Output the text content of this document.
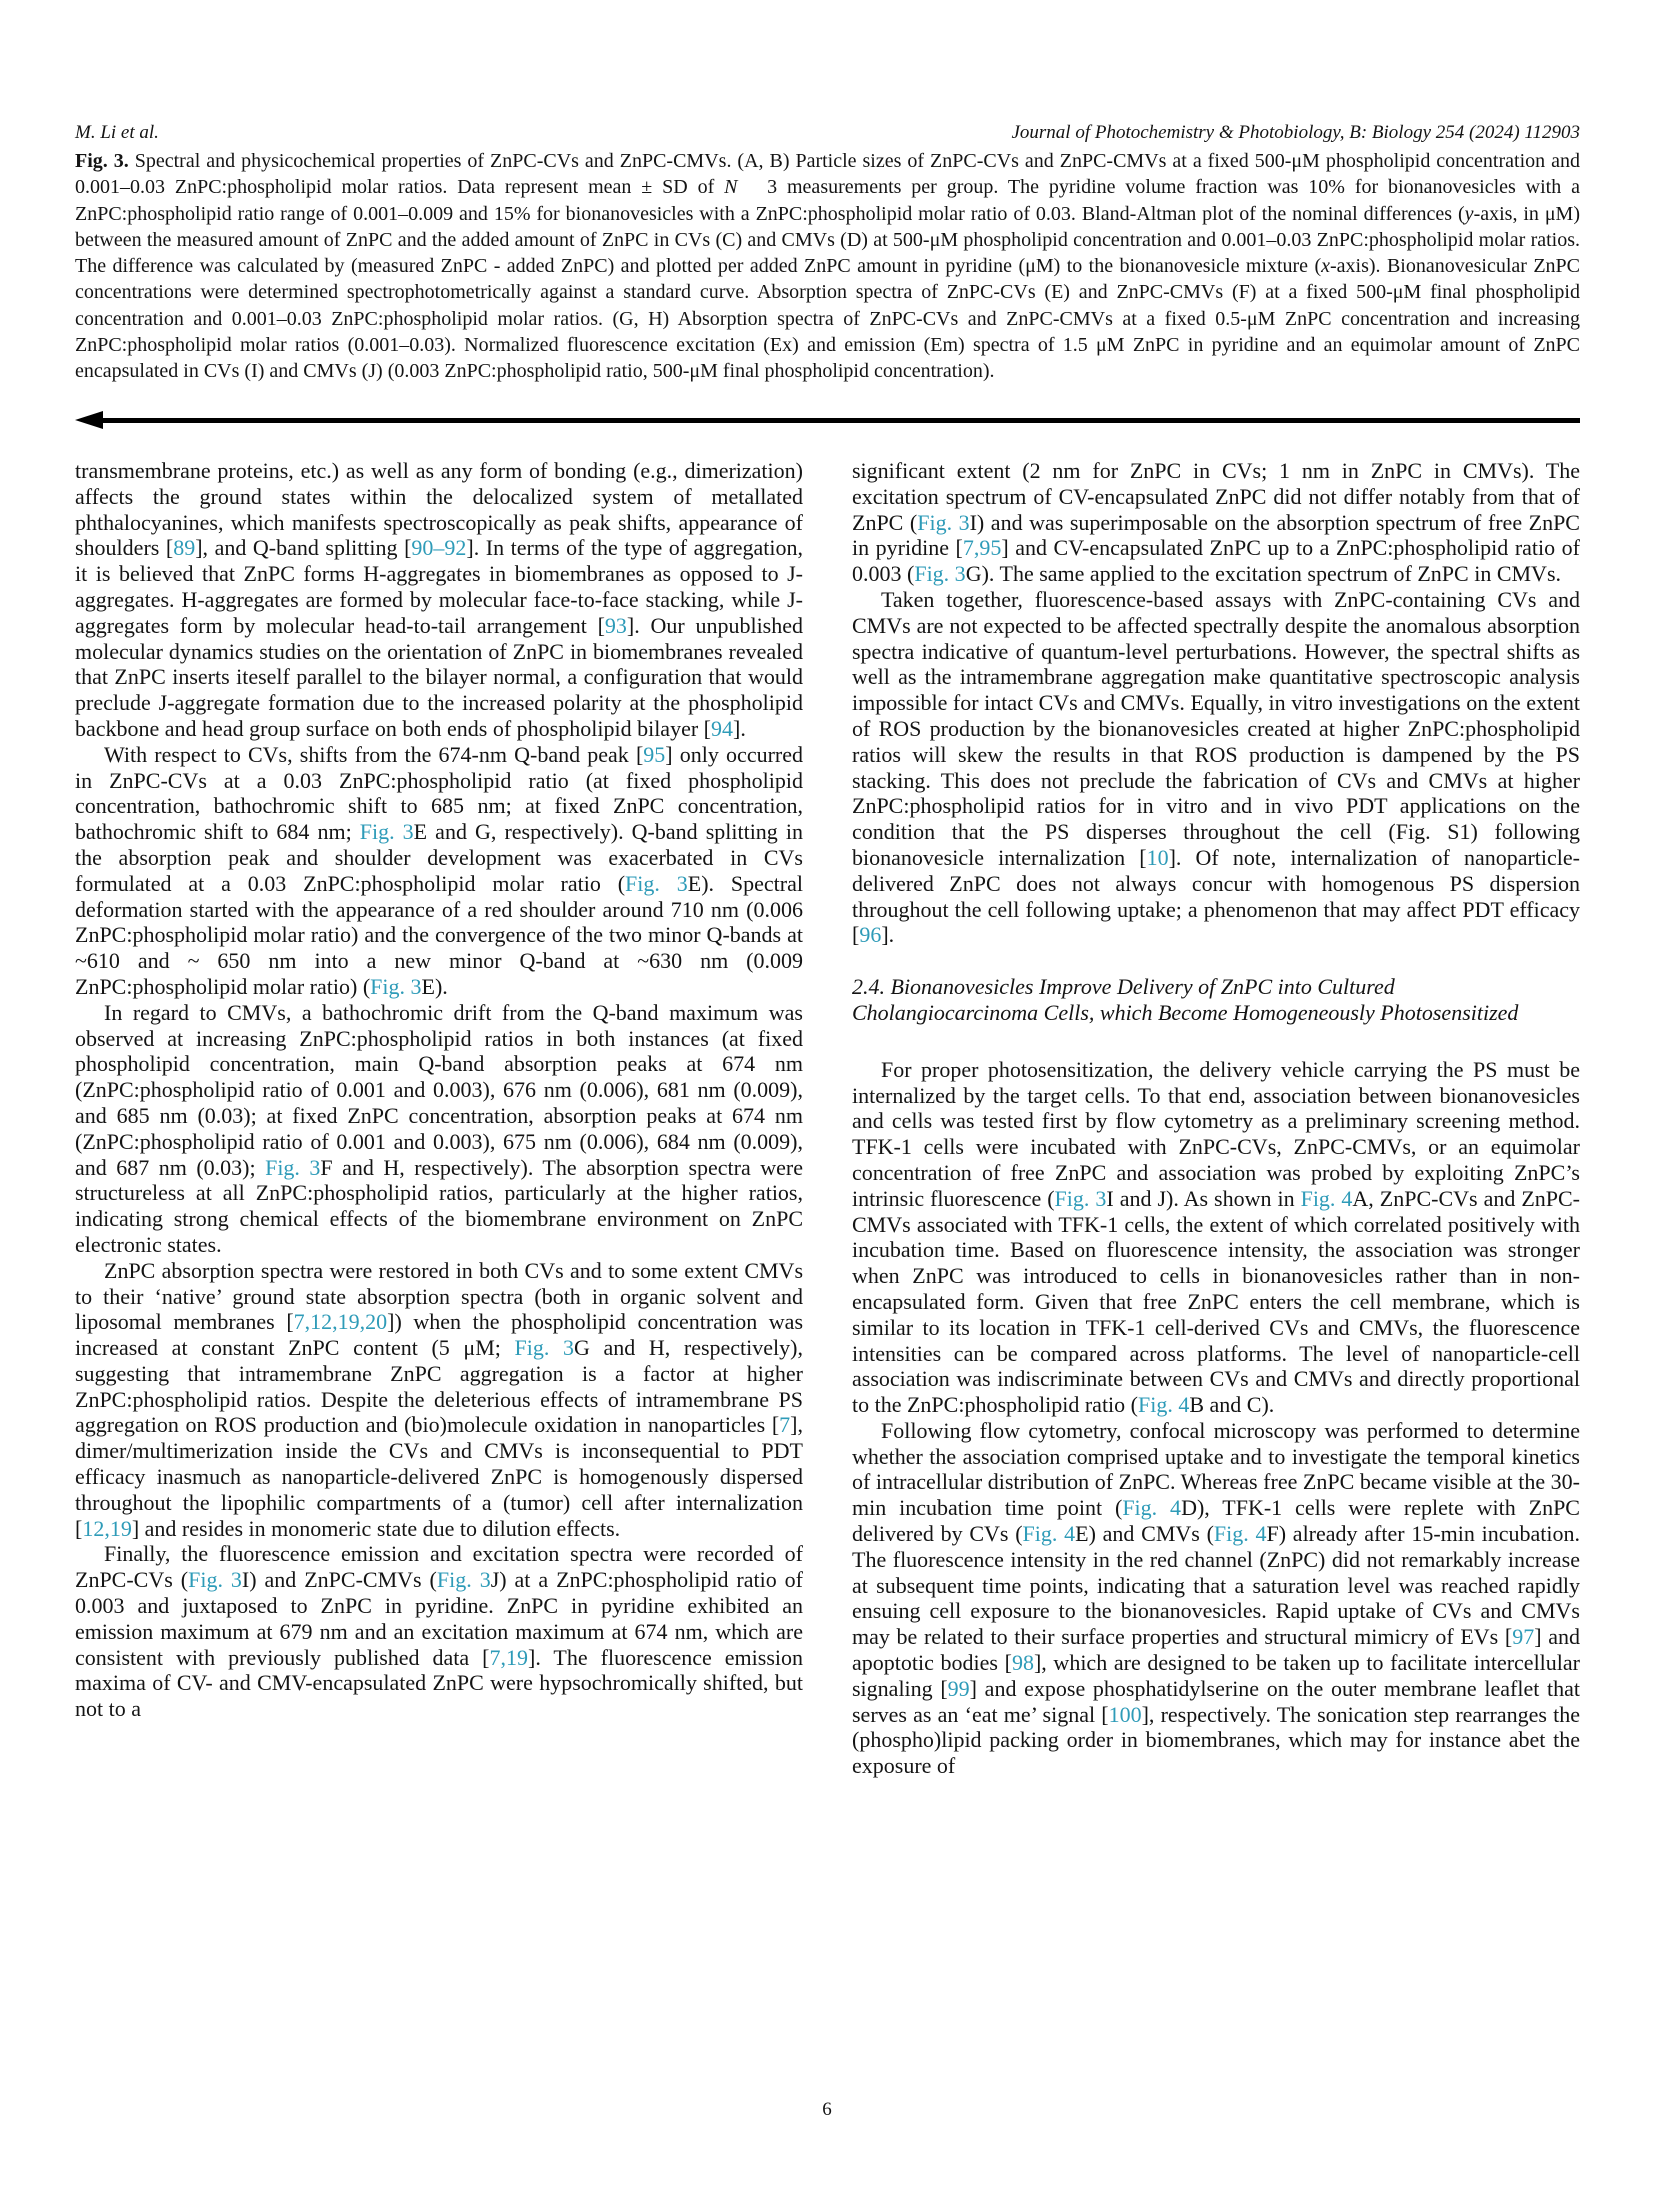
M. Li et al.	Journal of Photochemistry & Photobiology, B: Biology 254 (2024) 112903
Fig. 3. Spectral and physicochemical properties of ZnPC-CVs and ZnPC-CMVs. (A, B) Particle sizes of ZnPC-CVs and ZnPC-CMVs at a fixed 500-μM phospholipid concentration and 0.001–0.03 ZnPC:phospholipid molar ratios. Data represent mean ± SD of N   3 measurements per group. The pyridine volume fraction was 10% for bionanovesicles with a ZnPC:phospholipid ratio range of 0.001–0.009 and 15% for bionanovesicles with a ZnPC:phospholipid molar ratio of 0.03. Bland-Altman plot of the nominal differences (y-axis, in μM) between the measured amount of ZnPC and the added amount of ZnPC in CVs (C) and CMVs (D) at 500-μM phospholipid concentration and 0.001–0.03 ZnPC:phospholipid molar ratios. The difference was calculated by (measured ZnPC - added ZnPC) and plotted per added ZnPC amount in pyridine (μM) to the bionanovesicle mixture (x-axis). Bionanovesicular ZnPC concentrations were determined spectrophotometrically against a standard curve. Absorption spectra of ZnPC-CVs (E) and ZnPC-CMVs (F) at a fixed 500-μM final phospholipid concentration and 0.001–0.03 ZnPC:phospholipid molar ratios. (G, H) Absorption spectra of ZnPC-CVs and ZnPC-CMVs at a fixed 0.5-μM ZnPC concentration and increasing ZnPC:phospholipid molar ratios (0.001–0.03). Normalized fluorescence excitation (Ex) and emission (Em) spectra of 1.5 μM ZnPC in pyridine and an equimolar amount of ZnPC encapsulated in CVs (I) and CMVs (J) (0.003 ZnPC:phospholipid ratio, 500-μM final phospholipid concentration).

transmembrane proteins, etc.) as well as any form of bonding (e.g., dimerization) affects the ground states within the delocalized system of metallated phthalocyanines, which manifests spectroscopically as peak shifts, appearance of shoulders [89], and Q-band splitting [90–92]. In terms of the type of aggregation, it is believed that ZnPC forms H-aggregates in biomembranes as opposed to J-aggregates. H-aggregates are formed by molecular face-to-face stacking, while J-aggregates form by molecular head-to-tail arrangement [93]. Our unpublished molecular dynamics studies on the orientation of ZnPC in biomembranes revealed that ZnPC inserts iteself parallel to the bilayer normal, a configuration that would preclude J-aggregate formation due to the increased polarity at the phospholipid backbone and head group surface on both ends of phospholipid bilayer [94].

With respect to CVs, shifts from the 674-nm Q-band peak [95] only occurred in ZnPC-CVs at a 0.03 ZnPC:phospholipid ratio (at fixed phospholipid concentration, bathochromic shift to 685 nm; at fixed ZnPC concentration, bathochromic shift to 684 nm; Fig. 3E and G, respectively). Q-band splitting in the absorption peak and shoulder development was exacerbated in CVs formulated at a 0.03 ZnPC:phospholipid molar ratio (Fig. 3E). Spectral deformation started with the appearance of a red shoulder around 710 nm (0.006 ZnPC:phospholipid molar ratio) and the convergence of the two minor Q-bands at ~610 and ~ 650 nm into a new minor Q-band at ~630 nm (0.009 ZnPC:phospholipid molar ratio) (Fig. 3E).

In regard to CMVs, a bathochromic drift from the Q-band maximum was observed at increasing ZnPC:phospholipid ratios in both instances (at fixed phospholipid concentration, main Q-band absorption peaks at 674 nm (ZnPC:phospholipid ratio of 0.001 and 0.003), 676 nm (0.006), 681 nm (0.009), and 685 nm (0.03); at fixed ZnPC concentration, absorption peaks at 674 nm (ZnPC:phospholipid ratio of 0.001 and 0.003), 675 nm (0.006), 684 nm (0.009), and 687 nm (0.03); Fig. 3F and H, respectively). The absorption spectra were structureless at all ZnPC:phospholipid ratios, particularly at the higher ratios, indicating strong chemical effects of the biomembrane environment on ZnPC electronic states.

ZnPC absorption spectra were restored in both CVs and to some extent CMVs to their ‘native’ ground state absorption spectra (both in organic solvent and liposomal membranes [7,12,19,20]) when the phospholipid concentration was increased at constant ZnPC content (5 μM; Fig. 3G and H, respectively), suggesting that intramembrane ZnPC aggregation is a factor at higher ZnPC:phospholipid ratios. Despite the deleterious effects of intramembrane PS aggregation on ROS production and (bio)molecule oxidation in nanoparticles [7], dimer/multimerization inside the CVs and CMVs is inconsequential to PDT efficacy inasmuch as nanoparticle-delivered ZnPC is homogenously dispersed throughout the lipophilic compartments of a (tumor) cell after internalization [12,19] and resides in monomeric state due to dilution effects.

Finally, the fluorescence emission and excitation spectra were recorded of ZnPC-CVs (Fig. 3I) and ZnPC-CMVs (Fig. 3J) at a ZnPC:phospholipid ratio of 0.003 and juxtaposed to ZnPC in pyridine. ZnPC in pyridine exhibited an emission maximum at 679 nm and an excitation maximum at 674 nm, which are consistent with previously published data [7,19]. The fluorescence emission maxima of CV- and CMV-encapsulated ZnPC were hypsochromically shifted, but not to a

significant extent (2 nm for ZnPC in CVs; 1 nm in ZnPC in CMVs). The excitation spectrum of CV-encapsulated ZnPC did not differ notably from that of ZnPC (Fig. 3I) and was superimposable on the absorption spectrum of free ZnPC in pyridine [7,95] and CV-encapsulated ZnPC up to a ZnPC:phospholipid ratio of 0.003 (Fig. 3G). The same applied to the excitation spectrum of ZnPC in CMVs.

Taken together, fluorescence-based assays with ZnPC-containing CVs and CMVs are not expected to be affected spectrally despite the anomalous absorption spectra indicative of quantum-level perturbations. However, the spectral shifts as well as the intramembrane aggregation make quantitative spectroscopic analysis impossible for intact CVs and CMVs. Equally, in vitro investigations on the extent of ROS production by the bionanovesicles created at higher ZnPC:phospholipid ratios will skew the results in that ROS production is dampened by the PS stacking. This does not preclude the fabrication of CVs and CMVs at higher ZnPC:phospholipid ratios for in vitro and in vivo PDT applications on the condition that the PS disperses throughout the cell (Fig. S1) following bionanovesicle internalization [10]. Of note, internalization of nanoparticle-delivered ZnPC does not always concur with homogenous PS dispersion throughout the cell following uptake; a phenomenon that may affect PDT efficacy [96].

2.4. Bionanovesicles Improve Delivery of ZnPC into Cultured Cholangiocarcinoma Cells, which Become Homogeneously Photosensitized

For proper photosensitization, the delivery vehicle carrying the PS must be internalized by the target cells. To that end, association between bionanovesicles and cells was tested first by flow cytometry as a preliminary screening method. TFK-1 cells were incubated with ZnPC-CVs, ZnPC-CMVs, or an equimolar concentration of free ZnPC and association was probed by exploiting ZnPC’s intrinsic fluorescence (Fig. 3I and J). As shown in Fig. 4A, ZnPC-CVs and ZnPC-CMVs associated with TFK-1 cells, the extent of which correlated positively with incubation time. Based on fluorescence intensity, the association was stronger when ZnPC was introduced to cells in bionanovesicles rather than in non-encapsulated form. Given that free ZnPC enters the cell membrane, which is similar to its location in TFK-1 cell-derived CVs and CMVs, the fluorescence intensities can be compared across platforms. The level of nanoparticle-cell association was indiscriminate between CVs and CMVs and directly proportional to the ZnPC:phospholipid ratio (Fig. 4B and C).

Following flow cytometry, confocal microscopy was performed to determine whether the association comprised uptake and to investigate the temporal kinetics of intracellular distribution of ZnPC. Whereas free ZnPC became visible at the 30-min incubation time point (Fig. 4D), TFK-1 cells were replete with ZnPC delivered by CVs (Fig. 4E) and CMVs (Fig. 4F) already after 15-min incubation. The fluorescence intensity in the red channel (ZnPC) did not remarkably increase at subsequent time points, indicating that a saturation level was reached rapidly ensuing cell exposure to the bionanovesicles. Rapid uptake of CVs and CMVs may be related to their surface properties and structural mimicry of EVs [97] and apoptotic bodies [98], which are designed to be taken up to facilitate intercellular signaling [99] and expose phosphatidylserine on the outer membrane leaflet that serves as an ‘eat me’ signal [100], respectively. The sonication step rearranges the (phospho)lipid packing order in biomembranes, which may for instance abet the exposure of

6
